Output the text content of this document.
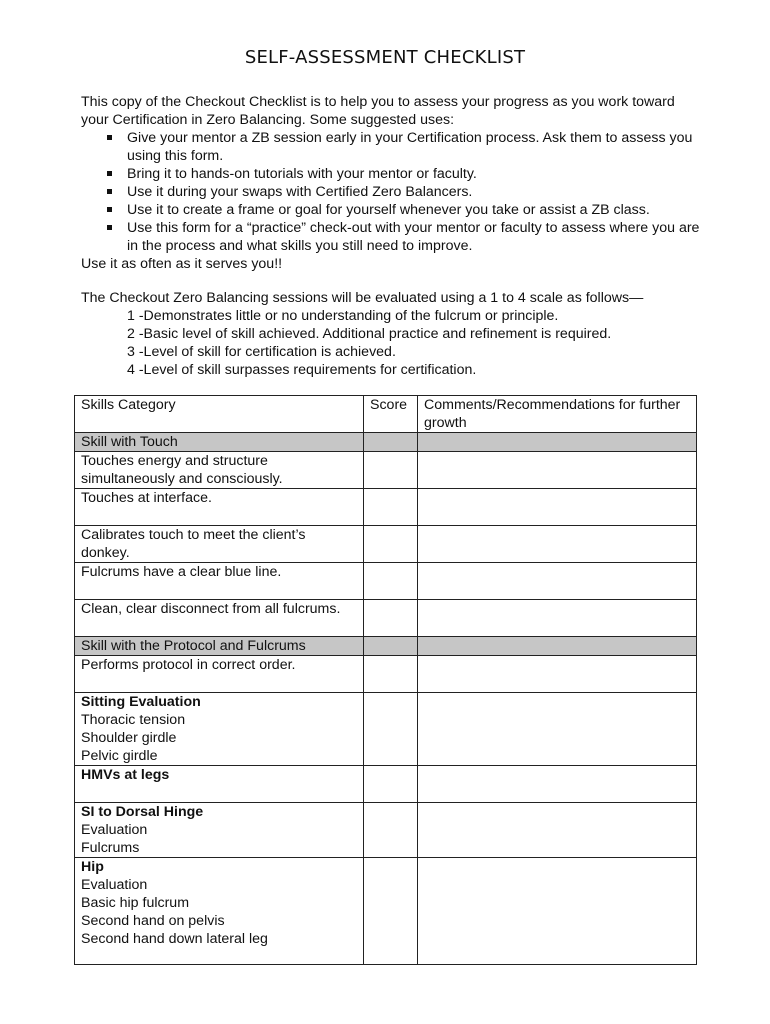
SELF-ASSESSMENT CHECKLIST

This copy of the Checkout Checklist is to help you to assess your progress as you work toward your Certification in Zero Balancing. Some suggested uses:

Give your mentor a ZB session early in your Certification process. Ask them to assess you using this form.
Bring it to hands-on tutorials with your mentor or faculty.
Use it during your swaps with Certified Zero Balancers.
Use it to create a frame or goal for yourself whenever you take or assist a ZB class.
Use this form for a “practice” check-out with your mentor or faculty to assess where you are in the process and what skills you still need to improve.

Use it as often as it serves you!!

The Checkout Zero Balancing sessions will be evaluated using a 1 to 4 scale as follows—

1 -Demonstrates little or no understanding of the fulcrum or principle.
2 -Basic level of skill achieved. Additional practice and refinement is required.
3 -Level of skill for certification is achieved.
4 -Level of skill surpasses requirements for certification.
Skills Category	Score	Comments/Recommendations for further growth
Skill with Touch		
Touches energy and structure simultaneously and consciously.		
Touches at interface.		
Calibrates touch to meet the client’s donkey.		
Fulcrums have a clear blue line.		
Clean, clear disconnect from all fulcrums.		
Skill with the Protocol and Fulcrums		
Performs protocol in correct order.		

Sitting Evaluation
Thoracic tension
Shoulder girdle
Pelvic girdle		

HMVs at legs		

SI to Dorsal Hinge
Evaluation
Fulcrums		

Hip
Evaluation
Basic hip fulcrum
Second hand on pelvis
Second hand down lateral leg		
